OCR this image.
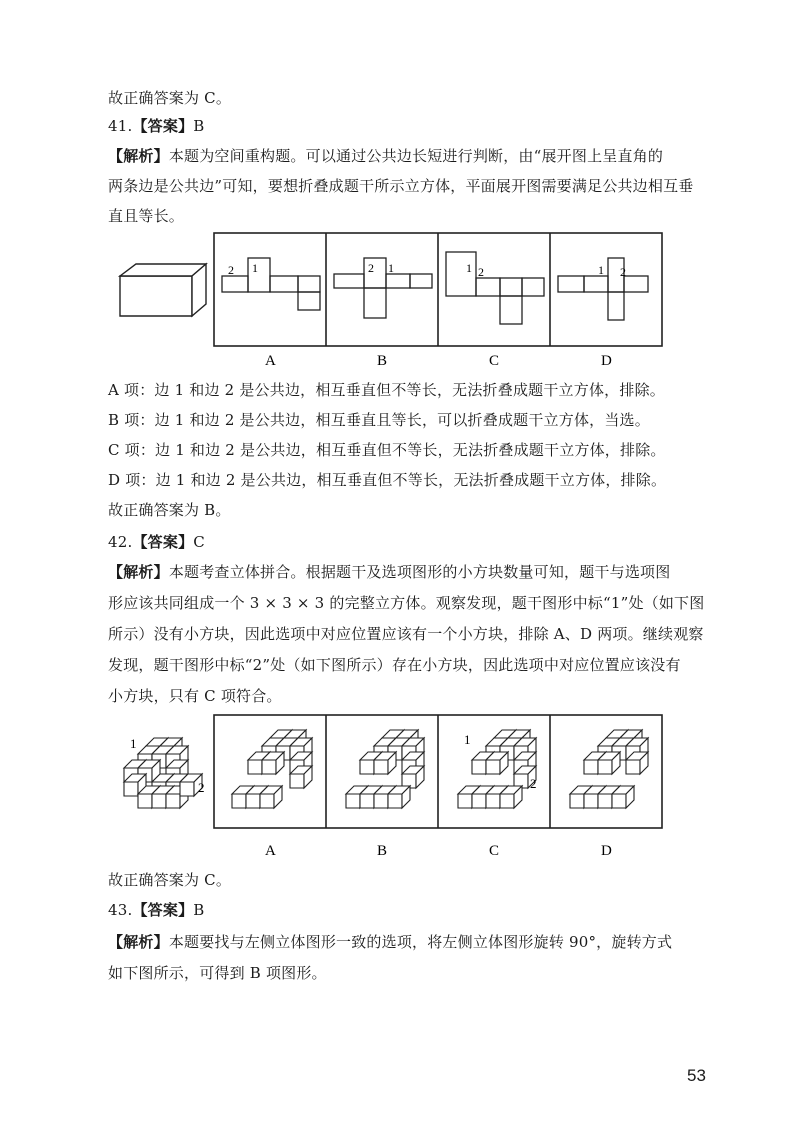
故正确答案为 C。
41.【答案】B
【解析】本题为空间重构题。可以通过公共边长短进行判断，由“展开图上呈直角的
两条边是公共边”可知，要想折叠成题干所示立方体，平面展开图需要满足公共边相互垂
直且等长。
2 1	2 1	1 2	1 2
A	B	C	D
A 项：边 1 和边 2 是公共边，相互垂直但不等长，无法折叠成题干立方体，排除。
B 项：边 1 和边 2 是公共边，相互垂直且等长，可以折叠成题干立方体，当选。
C 项：边 1 和边 2 是公共边，相互垂直但不等长，无法折叠成题干立方体，排除。
D 项：边 1 和边 2 是公共边，相互垂直但不等长，无法折叠成题干立方体，排除。
故正确答案为 B。
42.【答案】C
【解析】本题考查立体拼合。根据题干及选项图形的小方块数量可知，题干与选项图
形应该共同组成一个 3 × 3 × 3 的完整立方体。观察发现，题干图形中标“1”处（如下图
所示）没有小方块，因此选项中对应位置应该有一个小方块，排除 A、D 两项。继续观察
发现，题干图形中标“2”处（如下图所示）存在小方块，因此选项中对应位置应该没有
小方块，只有 C 项符合。
1
2
1
2
A	B	C	D
故正确答案为 C。
43.【答案】B
【解析】本题要找与左侧立体图形一致的选项，将左侧立体图形旋转 90°，旋转方式
如下图所示，可得到 B 项图形。
53
